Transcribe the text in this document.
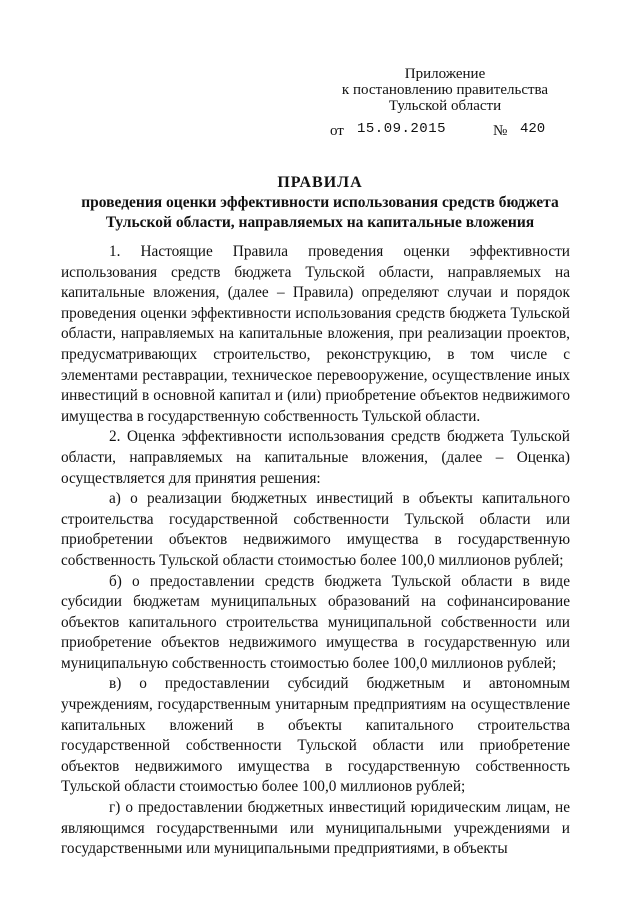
Приложение
к постановлению правительства
Тульской области
от 15.09.2015	№ 420
ПРАВИЛА
проведения оценки эффективности использования средств бюджета
Тульской области, направляемых на капитальные вложения

1. Настоящие Правила проведения оценки эффективности использования средств бюджета Тульской области, направляемых на капитальные вложения, (далее – Правила) определяют случаи и порядок проведения оценки эффективности использования средств бюджета Тульской области, направляемых на капитальные вложения, при реализации проектов, предусматривающих строительство, реконструкцию, в том числе с элементами реставрации, техническое перевооружение, осуществление иных инвестиций в основной капитал и (или) приобретение объектов недвижимого имущества в государственную собственность Тульской области.

2. Оценка эффективности использования средств бюджета Тульской области, направляемых на капитальные вложения, (далее – Оценка) осуществляется для принятия решения:

а) о реализации бюджетных инвестиций в объекты капитального строительства государственной собственности Тульской области или приобретении объектов недвижимого имущества в государственную собственность Тульской области стоимостью более 100,0 миллионов рублей;

б) о предоставлении средств бюджета Тульской области в виде субсидии бюджетам муниципальных образований на софинансирование объектов капитального строительства муниципальной собственности или приобретение объектов недвижимого имущества в государственную или муниципальную собственность стоимостью более 100,0 миллионов рублей;

в) о предоставлении субсидий бюджетным и автономным учреждениям, государственным унитарным предприятиям на осуществление капитальных вложений в объекты капитального строительства государственной собственности Тульской области или приобретение объектов недвижимого имущества в государственную собственность Тульской области стоимостью более 100,0 миллионов рублей;

г) о предоставлении бюджетных инвестиций юридическим лицам, не являющимся государственными или муниципальными учреждениями и государственными или муниципальными предприятиями, в объекты
